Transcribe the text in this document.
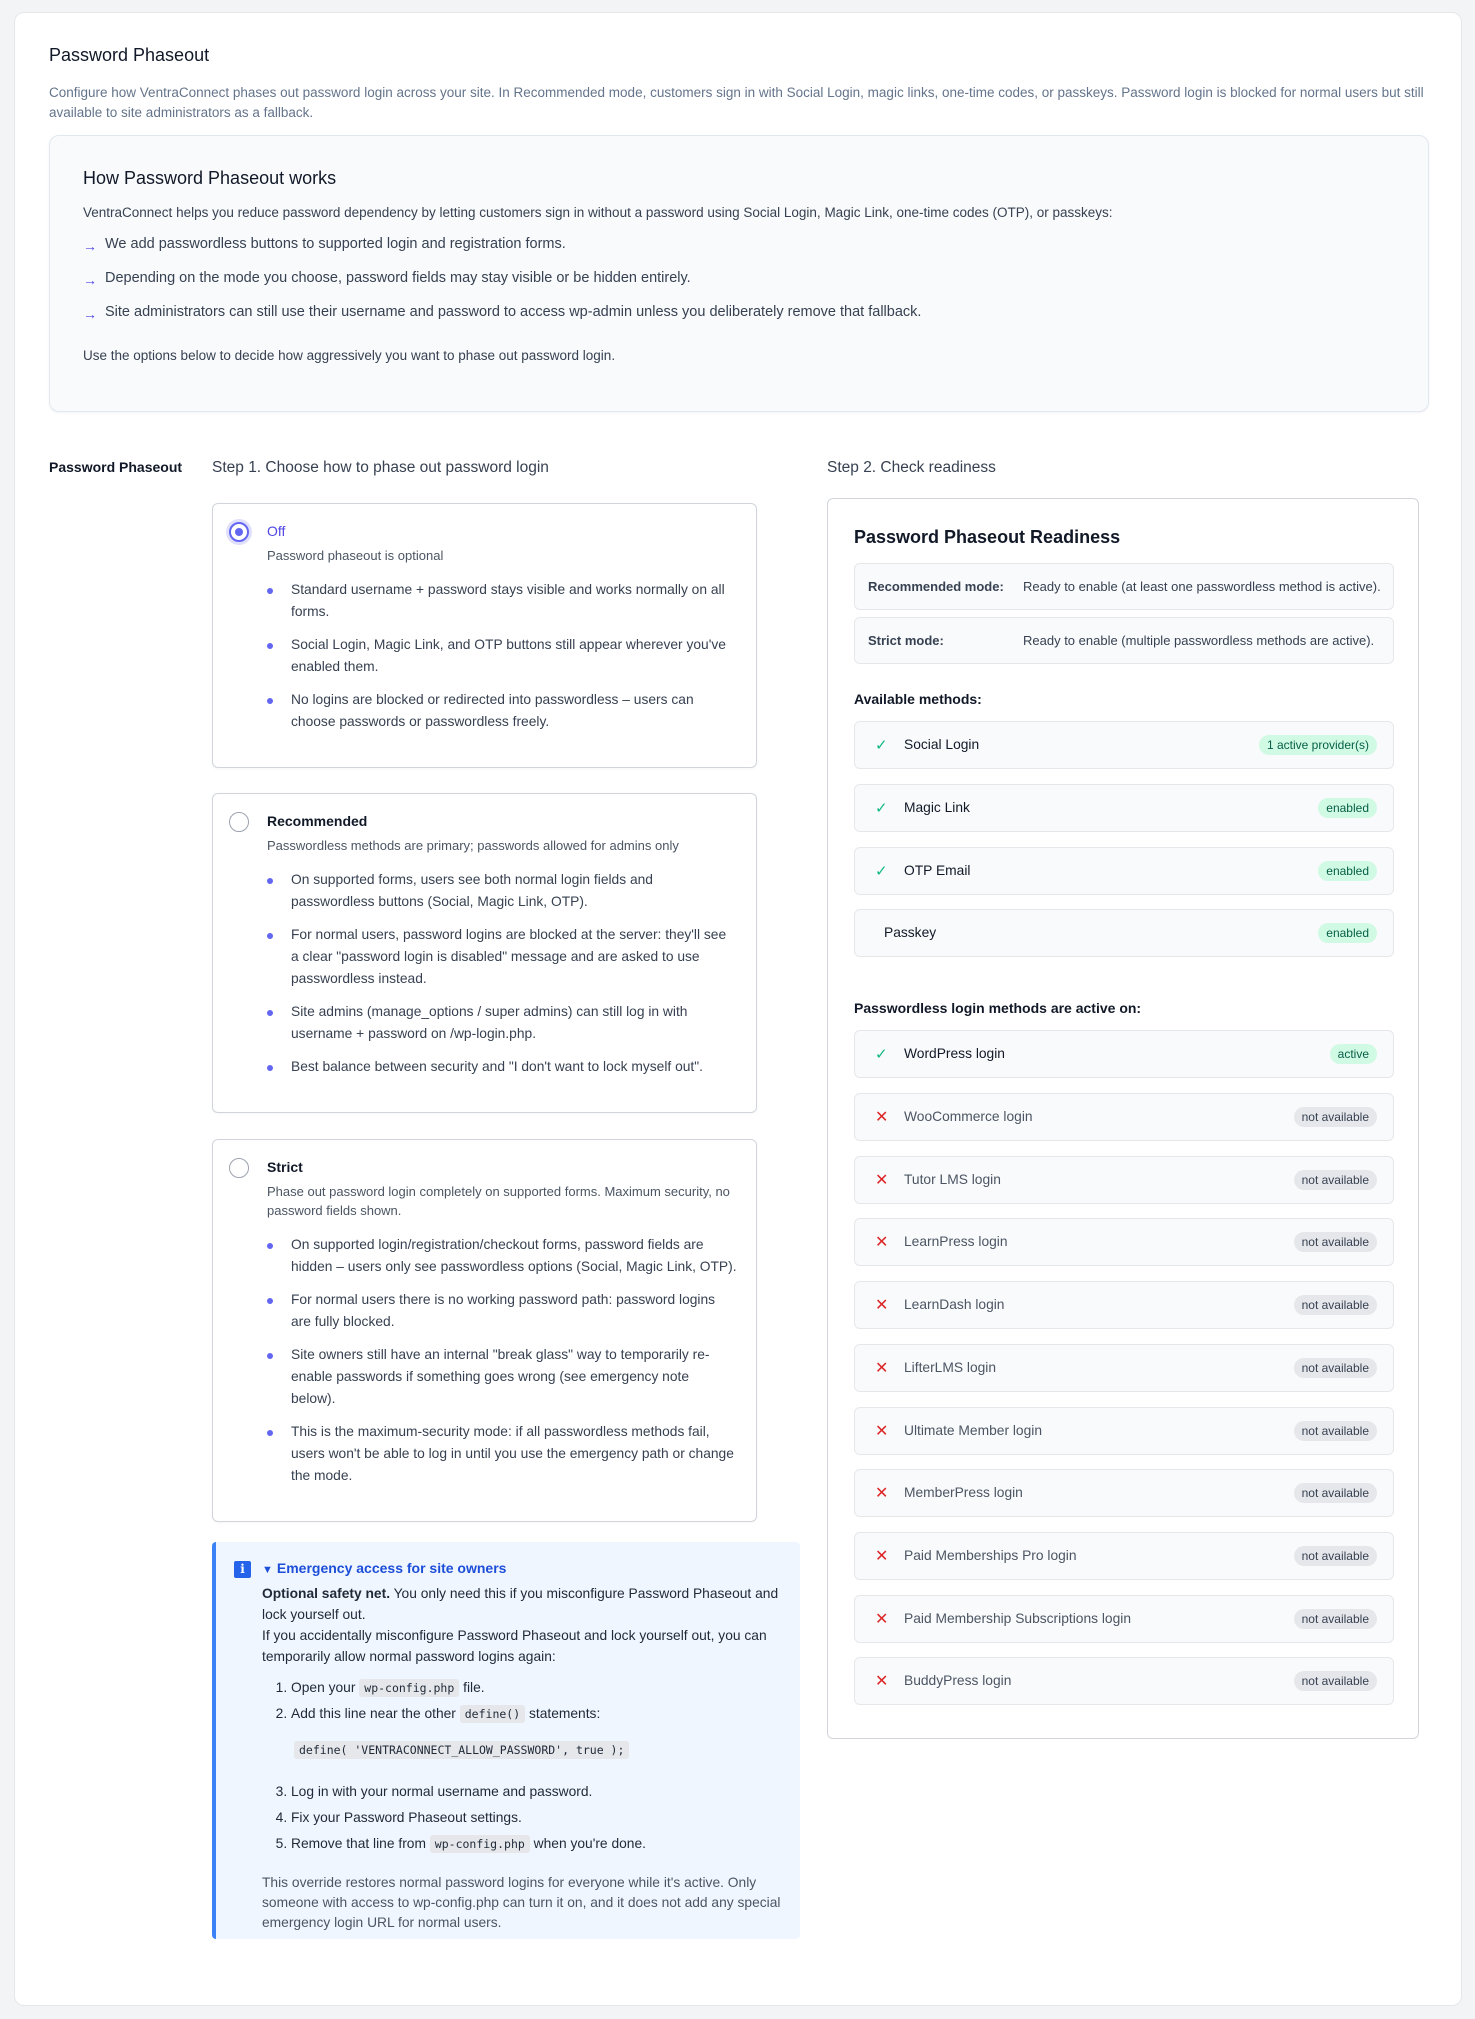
Password Phaseout
Configure how VentraConnect phases out password login across your site. In Recommended mode, customers sign in with Social Login, magic links, one-time codes, or passkeys. Password login is blocked for normal users but still available to site administrators as a fallback.
How Password Phaseout works
VentraConnect helps you reduce password dependency by letting customers sign in without a password using Social Login, Magic Link, one-time codes (OTP), or passkeys:
→ We add passwordless buttons to supported login and registration forms.
→ Depending on the mode you choose, password fields may stay visible or be hidden entirely.
→ Site administrators can still use their username and password to access wp-admin unless you deliberately remove that fallback.
Use the options below to decide how aggressively you want to phase out password login.
Password Phaseout Step 1. Choose how to phase out password login	Step 2. Check readiness
Off
Password phaseout is optional
Standard username + password stays visible and works normally on all forms.
Social Login, Magic Link, and OTP buttons still appear wherever you've enabled them.
No logins are blocked or redirected into passwordless – users can choose passwords or passwordless freely.
Recommended
Passwordless methods are primary; passwords allowed for admins only
On supported forms, users see both normal login fields and passwordless buttons (Social, Magic Link, OTP).
For normal users, password logins are blocked at the server: they'll see a clear "password login is disabled" message and are asked to use passwordless instead.
Site admins (manage_options / super admins) can still log in with username + password on /wp-login.php.
Best balance between security and "I don't want to lock myself out".
Strict
Phase out password login completely on supported forms. Maximum security, no password fields shown.
On supported login/registration/checkout forms, password fields are hidden – users only see passwordless options (Social, Magic Link, OTP).
For normal users there is no working password path: password logins are fully blocked.
Site owners still have an internal "break glass" way to temporarily re-enable passwords if something goes wrong (see emergency note below).
This is the maximum-security mode: if all passwordless methods fail, users won't be able to log in until you use the emergency path or change the mode.
i	▼ Emergency access for site owners
Optional safety net. You only need this if you misconfigure Password Phaseout and lock yourself out.
If you accidentally misconfigure Password Phaseout and lock yourself out, you can temporarily allow normal password logins again:
1. Open your wp-config.php file.
2. Add this line near the other define() statements:
3. Log in with your normal username and password.
4. Fix your Password Phaseout settings.
5. Remove that line from wp-config.php when you're done.
define( 'VENTRACONNECT_ALLOW_PASSWORD', true );
This override restores normal password logins for everyone while it's active. Only someone with access to wp-config.php can turn it on, and it does not add any special emergency login URL for normal users.
Password Phaseout Readiness
Recommended mode: Ready to enable (at least one passwordless method is active).
Strict mode:	Ready to enable (multiple passwordless methods are active).
Available methods:
✓ Social Login	1 active provider(s)
✓ Magic Link	enabled
✓ OTP Email	enabled
Passkey	enabled
Passwordless login methods are active on:
✓ WordPress login	active
✕ WooCommerce login	not available
✕ Tutor LMS login	not available
✕ LearnPress login	not available
✕ LearnDash login	not available
✕ LifterLMS login	not available
✕ Ultimate Member login	not available
✕ MemberPress login	not available
✕ Paid Memberships Pro login	not available
✕ Paid Membership Subscriptions login	not available
✕ BuddyPress login	not available
